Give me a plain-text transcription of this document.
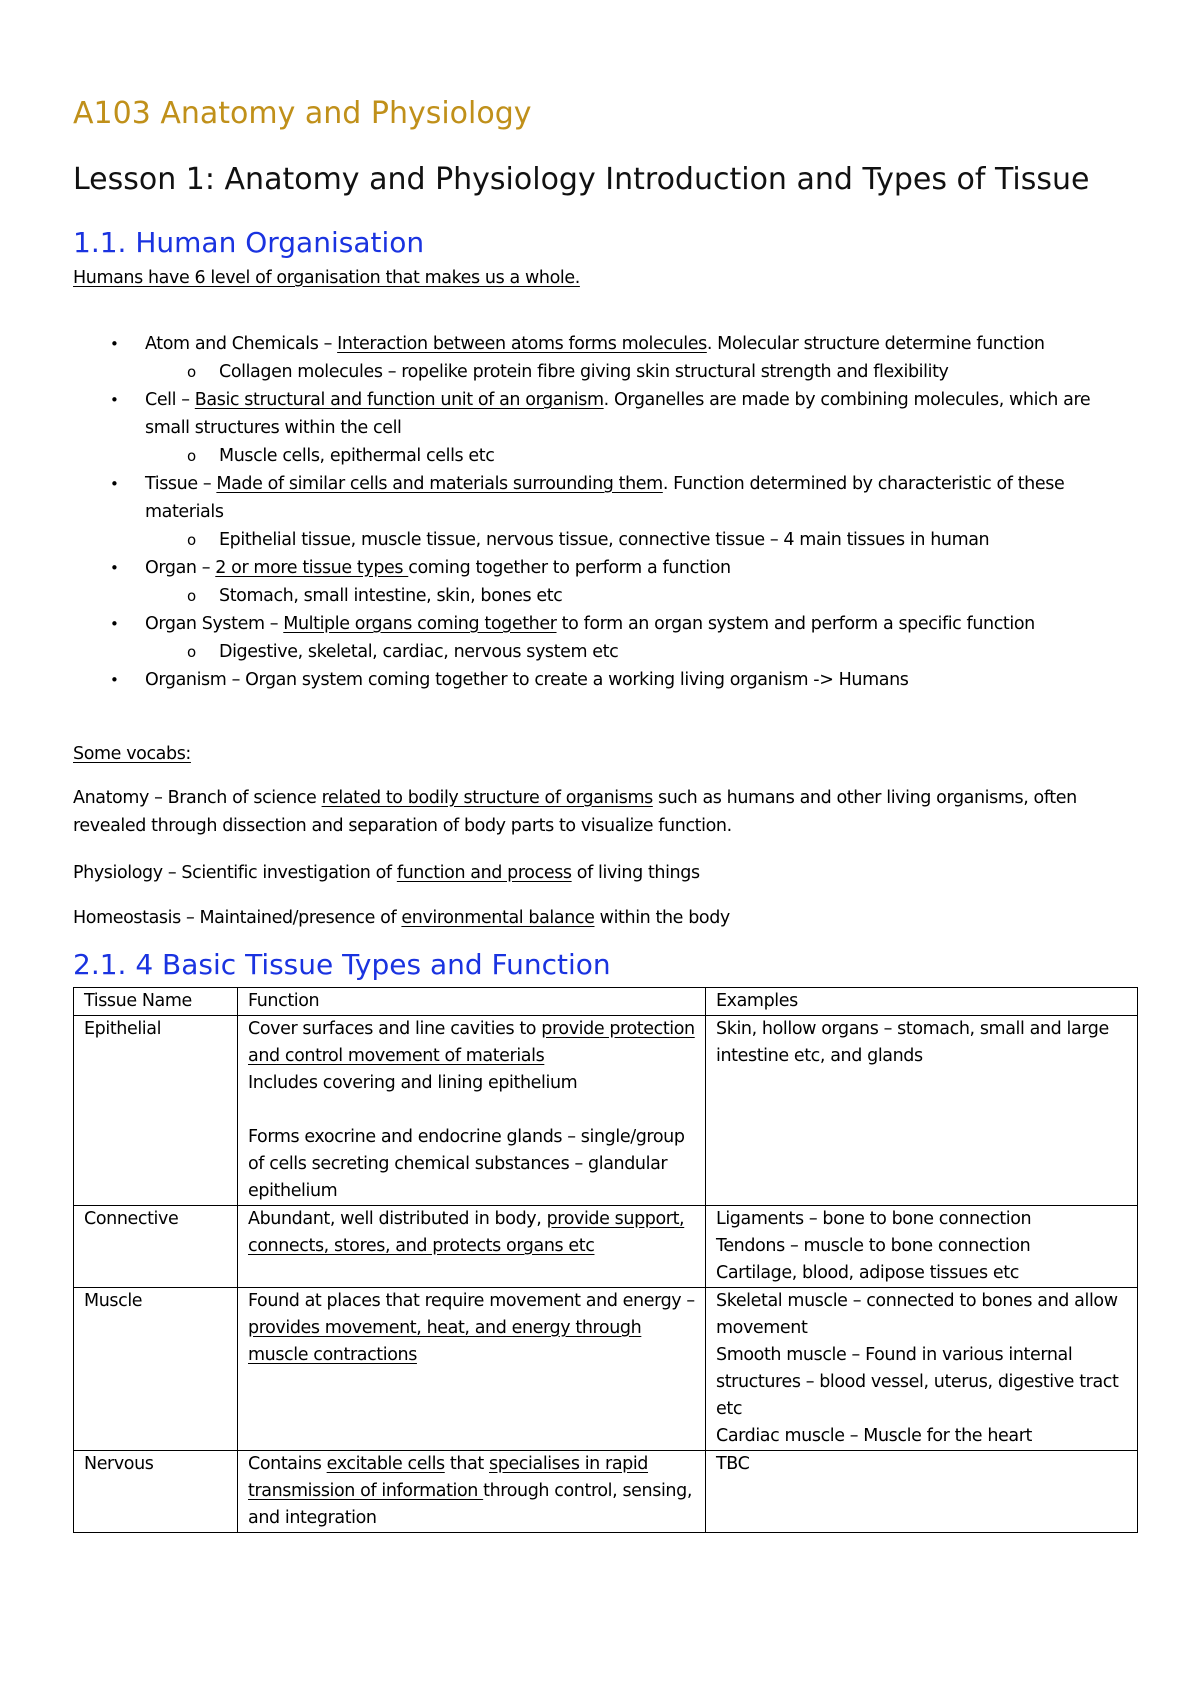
A103 Anatomy and Physiology
Lesson 1: Anatomy and Physiology Introduction and Types of Tissue
1.1. Human Organisation
Humans have 6 level of organisation that makes us a whole.
• Atom and Chemicals – Interaction between atoms forms molecules. Molecular structure determine function
o Collagen molecules – ropelike protein fibre giving skin structural strength and flexibility
• Cell – Basic structural and function unit of an organism. Organelles are made by combining molecules, which are small structures within the cell
o Muscle cells, epithermal cells etc
• Tissue – Made of similar cells and materials surrounding them. Function determined by characteristic of these materials
o Epithelial tissue, muscle tissue, nervous tissue, connective tissue – 4 main tissues in human
• Organ – 2 or more tissue types coming together to perform a function
o Stomach, small intestine, skin, bones etc
• Organ System – Multiple organs coming together to form an organ system and perform a specific function
o Digestive, skeletal, cardiac, nervous system etc
• Organism – Organ system coming together to create a working living organism -> Humans
Some vocabs:
Anatomy – Branch of science related to bodily structure of organisms such as humans and other living organisms, often revealed through dissection and separation of body parts to visualize function.
Physiology – Scientific investigation of function and process of living things
Homeostasis – Maintained/presence of environmental balance within the body
2.1. 4 Basic Tissue Types and Function
Tissue Name	Function	Examples
Epithelial	Cover surfaces and line cavities to provide protection and control movement of materials
Includes covering and lining epithelium
Forms exocrine and endocrine glands – single/group of cells secreting chemical substances – glandular epithelium	Skin, hollow organs – stomach, small and large intestine etc, and glands

Connective	Abundant, well distributed in body, provide support, connects, stores, and protects organs etc	Ligaments – bone to bone connection
Tendons – muscle to bone connection
Cartilage, blood, adipose tissues etc

Muscle	Found at places that require movement and energy – provides movement, heat, and energy through muscle contractions	Skeletal muscle – connected to bones and allow movement
Smooth muscle – Found in various internal structures – blood vessel, uterus, digestive tract etc
Cardiac muscle – Muscle for the heart

Nervous	Contains excitable cells that specialises in rapid transmission of information through control, sensing, and integration	TBC
